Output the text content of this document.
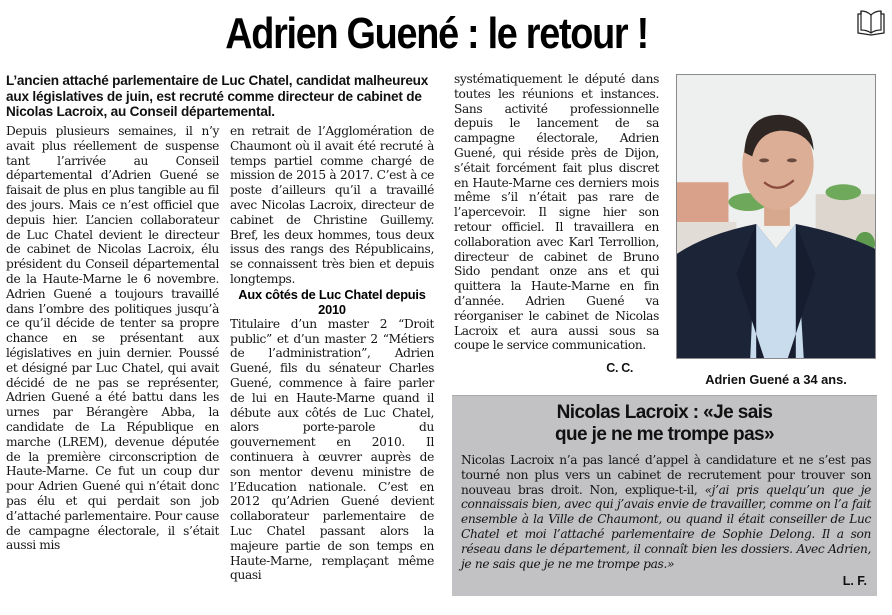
Adrien Guené : le retour !
L’ancien attaché parlementaire de Luc Chatel, candidat malheureux aux législatives de juin, est recruté comme directeur de cabinet de Nicolas Lacroix, au Conseil départemental.

Depuis plusieurs semaines, il n’y avait plus réellement de suspense tant l’arrivée au Conseil départemental d’Adrien Guené se faisait de plus en plus tangible au fil des jours. Mais ce n’est officiel que depuis hier. L’ancien collaborateur de Luc Chatel devient le directeur de cabinet de Nicolas Lacroix, élu président du Conseil départemental de la Haute-Marne le 6 novembre. Adrien Guené a toujours travaillé dans l’ombre des politiques jusqu’à ce qu’il décide de tenter sa propre chance en se présentant aux législatives en juin dernier. Poussé et désigné par Luc Chatel, qui avait décidé de ne pas se représenter, Adrien Guené a été battu dans les urnes par Bérangère Abba, la candidate de La République en marche (LREM), devenue députée de la première circonscription de Haute-Marne. Ce fut un coup dur pour Adrien Guené qui n’était donc pas élu et qui perdait son job d’attaché parlementaire. Pour cause de campagne électorale, il s’était aussi mis

en retrait de l’Agglomération de Chaumont où il avait été recruté à temps partiel comme chargé de mission de 2015 à 2017. C’est à ce poste d’ailleurs qu’il a travaillé avec Nicolas Lacroix, directeur de cabinet de Christine Guillemy. Bref, les deux hommes, tous deux issus des rangs des Républicains, se connaissent très bien et depuis longtemps.

Aux côtés de Luc Chatel depuis 2010

Titulaire d’un master 2 “Droit public” et d’un master 2 “Métiers de l’administration”, Adrien Guené, fils du sénateur Charles Guené, commence à faire parler de lui en Haute-Marne quand il débute aux côtés de Luc Chatel, alors porte-parole du gouvernement en 2010. Il continuera à œuvrer auprès de son mentor devenu ministre de l’Education nationale. C’est en 2012 qu’Adrien Guené devient collaborateur parlementaire de Luc Chatel passant alors la majeure partie de son temps en Haute-Marne, remplaçant même quasi

systématiquement le député dans toutes les réunions et instances. Sans activité professionnelle depuis le lancement de sa campagne électorale, Adrien Guené, qui réside près de Dijon, s’était forcément fait plus discret en Haute-Marne ces derniers mois même s’il n’était pas rare de l’apercevoir. Il signe hier son retour officiel. Il travaillera en collaboration avec Karl Terrollion, directeur de cabinet de Bruno Sido pendant onze ans et qui quittera la Haute-Marne en fin d’année. Adrien Guené va réorganiser le cabinet de Nicolas Lacroix et aura aussi sous sa coupe le service communication.

C. C.
Adrien Guené a 34 ans.
Nicolas Lacroix : «Je sais
que je ne me trompe pas»
Nicolas Lacroix n’a pas lancé d’appel à candidature et ne s’est pas tourné non plus vers un cabinet de recrutement pour trouver son nouveau bras droit. Non, explique-t-il, «j’ai pris quelqu’un que je connaissais bien, avec qui j’avais envie de travailler, comme on l’a fait ensemble à la Ville de Chaumont, ou quand il était conseiller de Luc Chatel et moi l’attaché parlementaire de Sophie Delong. Il a son réseau dans le département, il connaît bien les dossiers. Avec Adrien, je ne sais que je ne me trompe pas.»
L. F.
